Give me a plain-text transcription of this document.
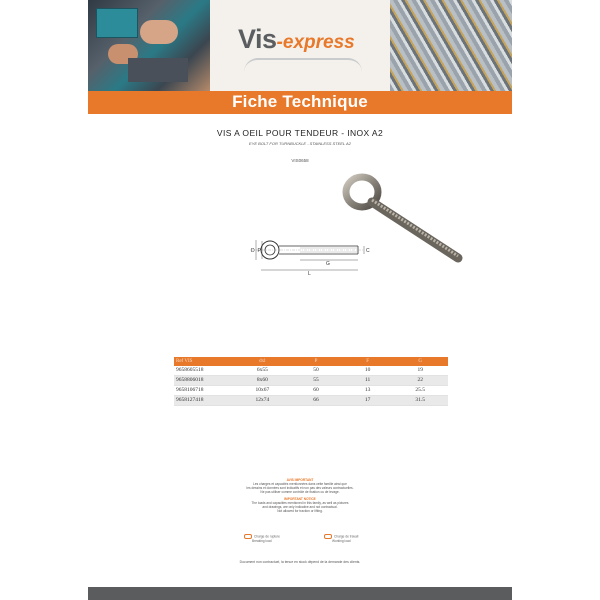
Vis-express
Fiche Technique
VIS A OEIL POUR TENDEUR - INOX A2
EYE BOLT FOR TURNBUCKLE - STAINLESS STEEL A2
VIS0658
D P
G
C
L
Ref VIS	dxl	P	F	G
9658605518	6x55	50	10	19
9658806018	8x60	55	11	22
9658106718	10x67	60	13	25.5
9658127418	12x74	66	17	31.5
AVIS IMPORTANT
Les charges et capacités mentionnées dans cette famille ainsi que
les dessins et données sont indicatifs et non pas des valeurs contractuelles.
Ne pas utiliser comme contrôle de fixation ou de levage.
IMPORTANT NOTICE
The loads and capacities mentioned in this family, as well as pictures
and drawings, are only indicative and not contractual.
Not allowed for traction or lifting.
Charge de rupture
Breaking load
Charge de travail
Working load
Document non contractuel, la tenue en stock dépend de la demande des clients.
